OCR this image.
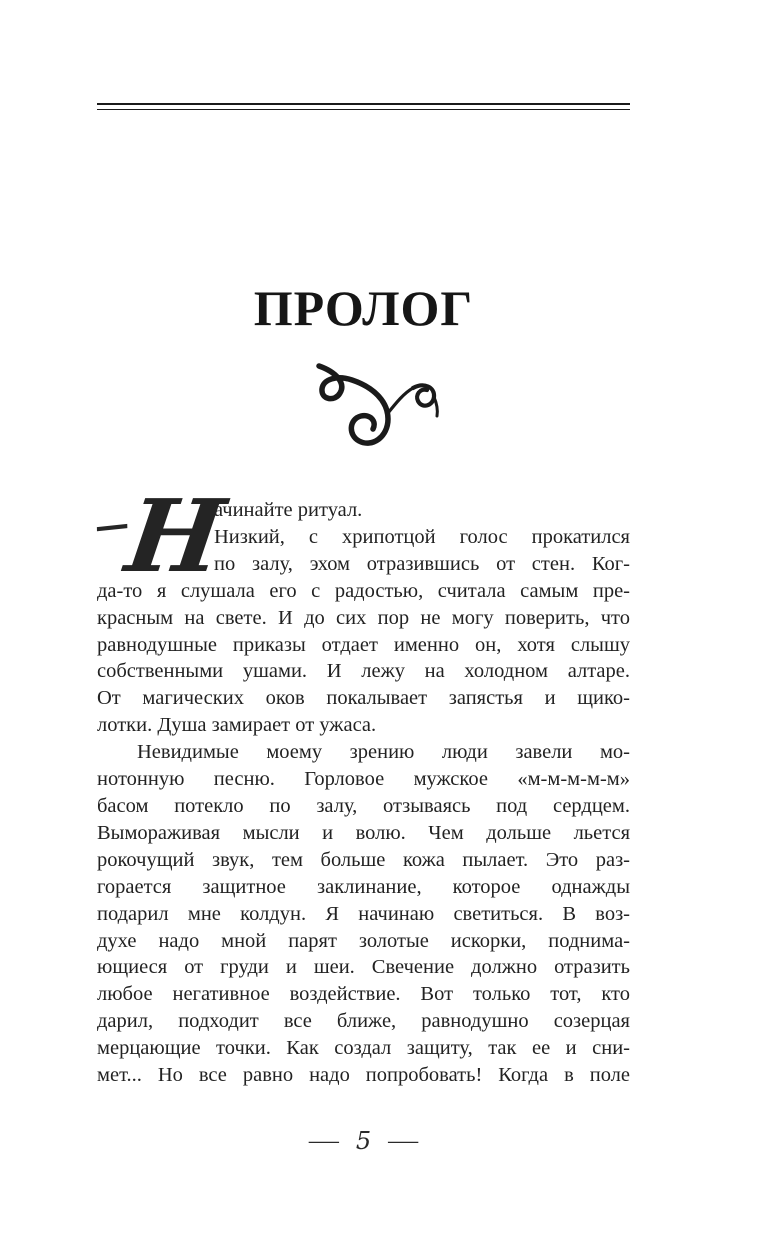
ПРОЛОГ
—
Н
ачинайте ритуал.
Низкий, с хрипотцой голос прокатился
по залу, эхом отразившись от стен. Ког-
да-то я слушала его с радостью, считала самым пре-
красным на свете. И до сих пор не могу поверить, что
равнодушные приказы отдает именно он, хотя слышу
собственными ушами. И лежу на холодном алтаре.
От магических оков покалывает запястья и щико-
лотки. Душа замирает от ужаса.
Невидимые моему зрению люди завели мо-
нотонную песню. Горловое мужское «м-м-м-м-м»
басом потекло по залу, отзываясь под сердцем.
Вымораживая мысли и волю. Чем дольше льется
рокочущий звук, тем больше кожа пылает. Это раз-
горается защитное заклинание, которое однажды
подарил мне колдун. Я начинаю светиться. В воз-
духе надо мной парят золотые искорки, поднима-
ющиеся от груди и шеи. Свечение должно отразить
любое негативное воздействие. Вот только тот, кто
дарил, подходит все ближе, равнодушно созерцая
мерцающие точки. Как создал защиту, так ее и сни-
мет... Но все равно надо попробовать! Когда в поле
— 5 —
